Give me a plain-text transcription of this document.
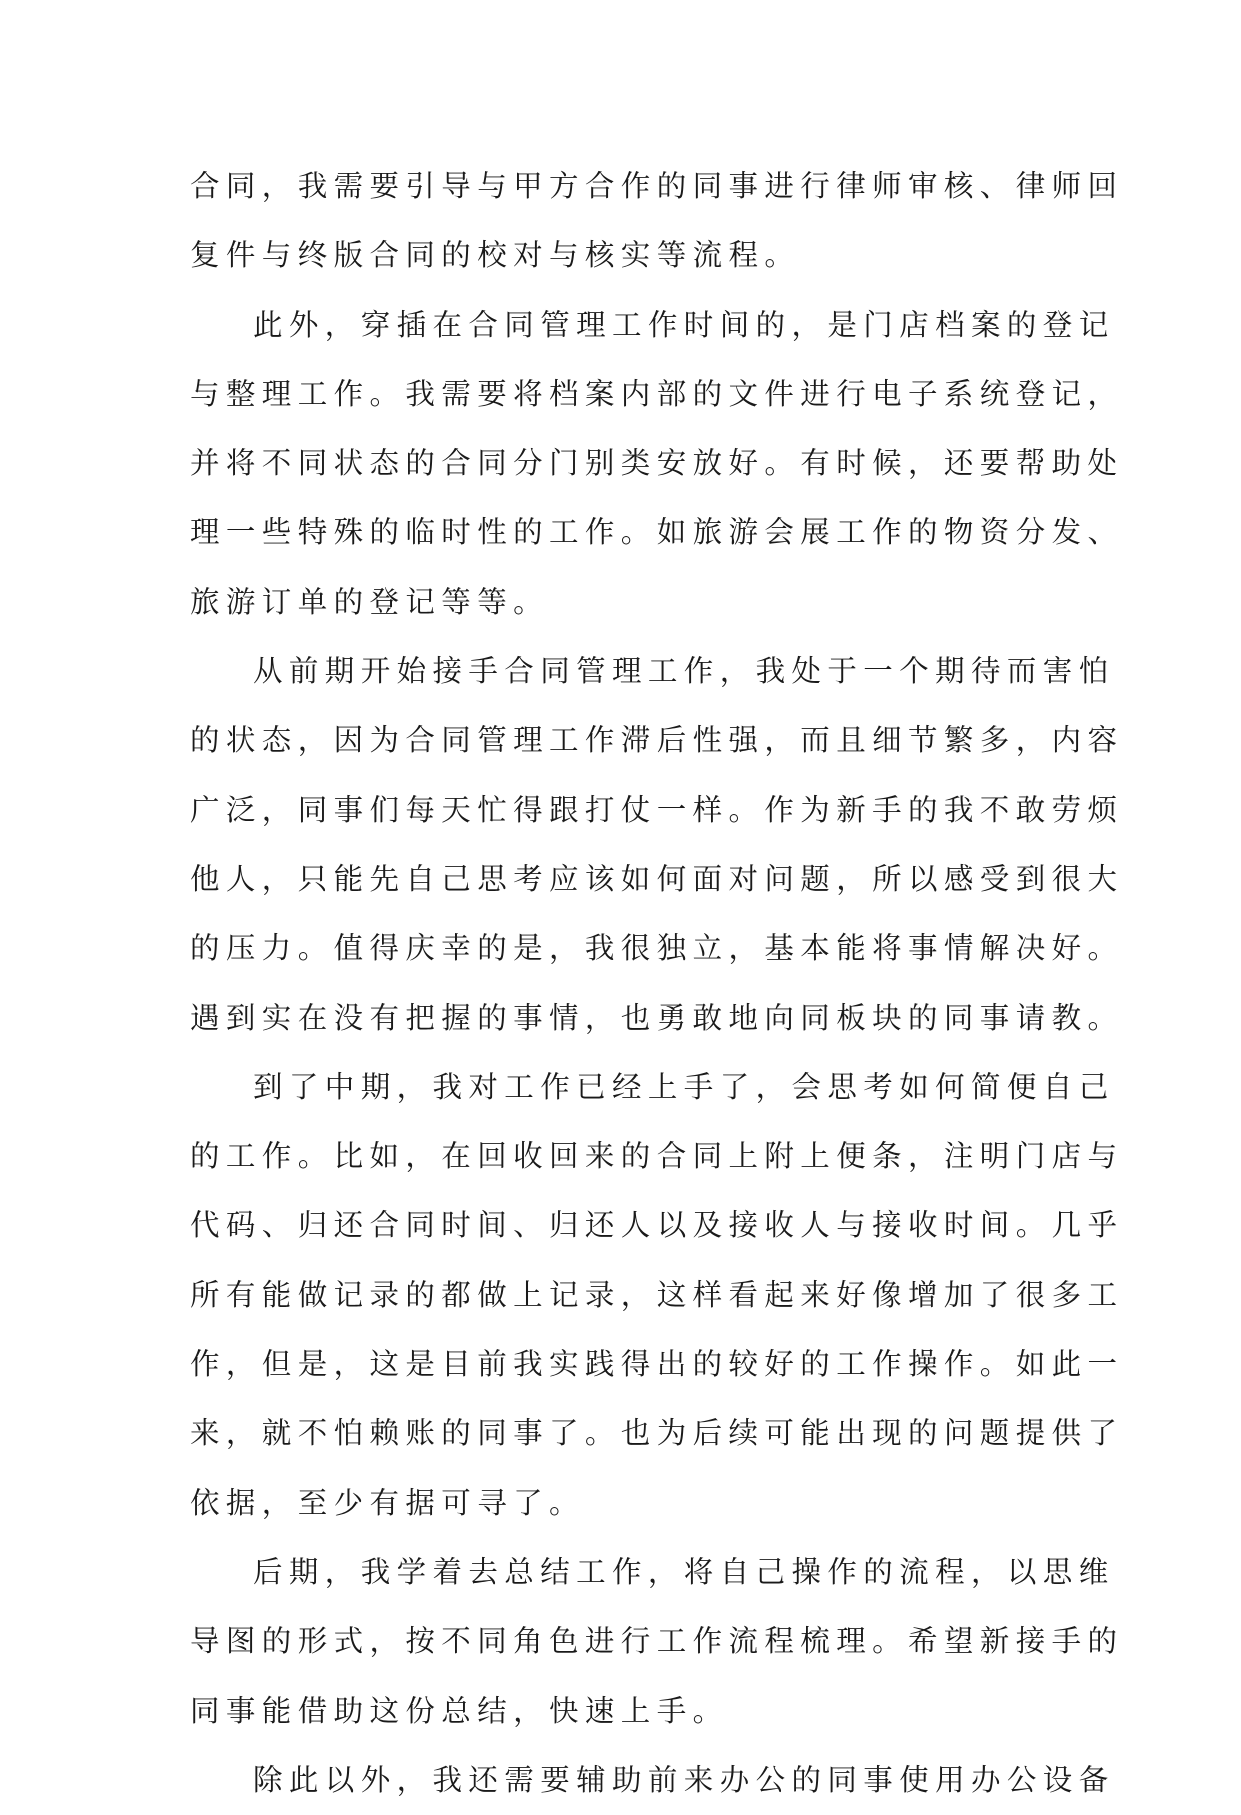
合同，我需要引导与甲方合作的同事进行律师审核、律师回
复件与终版合同的校对与核实等流程。
此外，穿插在合同管理工作时间的，是门店档案的登记
与整理工作。我需要将档案内部的文件进行电子系统登记，
并将不同状态的合同分门别类安放好。有时候，还要帮助处
理一些特殊的临时性的工作。如旅游会展工作的物资分发、
旅游订单的登记等等。
从前期开始接手合同管理工作，我处于一个期待而害怕
的状态，因为合同管理工作滞后性强，而且细节繁多，内容
广泛，同事们每天忙得跟打仗一样。作为新手的我不敢劳烦
他人，只能先自己思考应该如何面对问题，所以感受到很大
的压力。值得庆幸的是，我很独立，基本能将事情解决好。
遇到实在没有把握的事情，也勇敢地向同板块的同事请教。
到了中期，我对工作已经上手了，会思考如何简便自己
的工作。比如，在回收回来的合同上附上便条，注明门店与
代码、归还合同时间、归还人以及接收人与接收时间。几乎
所有能做记录的都做上记录，这样看起来好像增加了很多工
作，但是，这是目前我实践得出的较好的工作操作。如此一
来，就不怕赖账的同事了。也为后续可能出现的问题提供了
依据，至少有据可寻了。
后期，我学着去总结工作，将自己操作的流程，以思维
导图的形式，按不同角色进行工作流程梳理。希望新接手的
同事能借助这份总结，快速上手。
除此以外，我还需要辅助前来办公的同事使用办公设备
